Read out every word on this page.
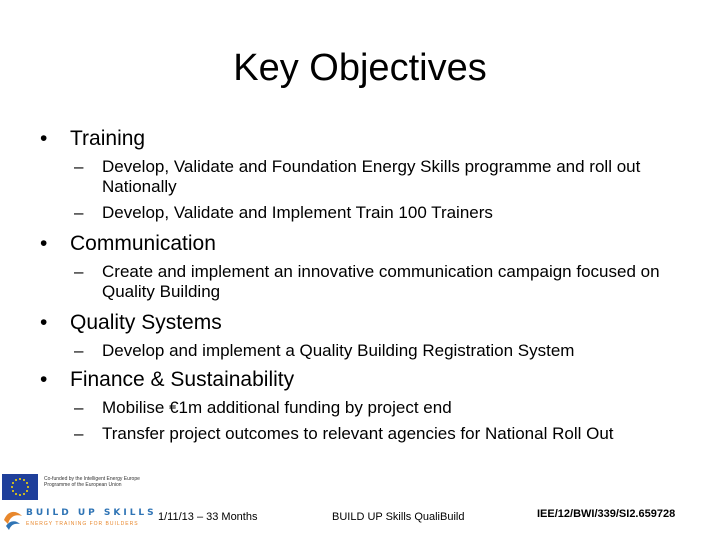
Key Objectives
• Training
– Develop, Validate and Foundation Energy Skills programme and roll out Nationally
– Develop, Validate and Implement Train 100 Trainers
• Communication
– Create and implement an innovative communication campaign focused on Quality Building
• Quality Systems
– Develop and implement a Quality Building Registration System
• Finance & Sustainability
– Mobilise €1m additional funding by project end
– Transfer project outcomes to relevant agencies for National Roll Out
Co-funded by the Intelligent Energy Europe Programme of the European Union
BUILD UP SKILLS
ENERGY TRAINING FOR BUILDERS
1/11/13 – 33 Months	BUILD UP Skills QualiBuild	IEE/12/BWI/339/SI2.659728
